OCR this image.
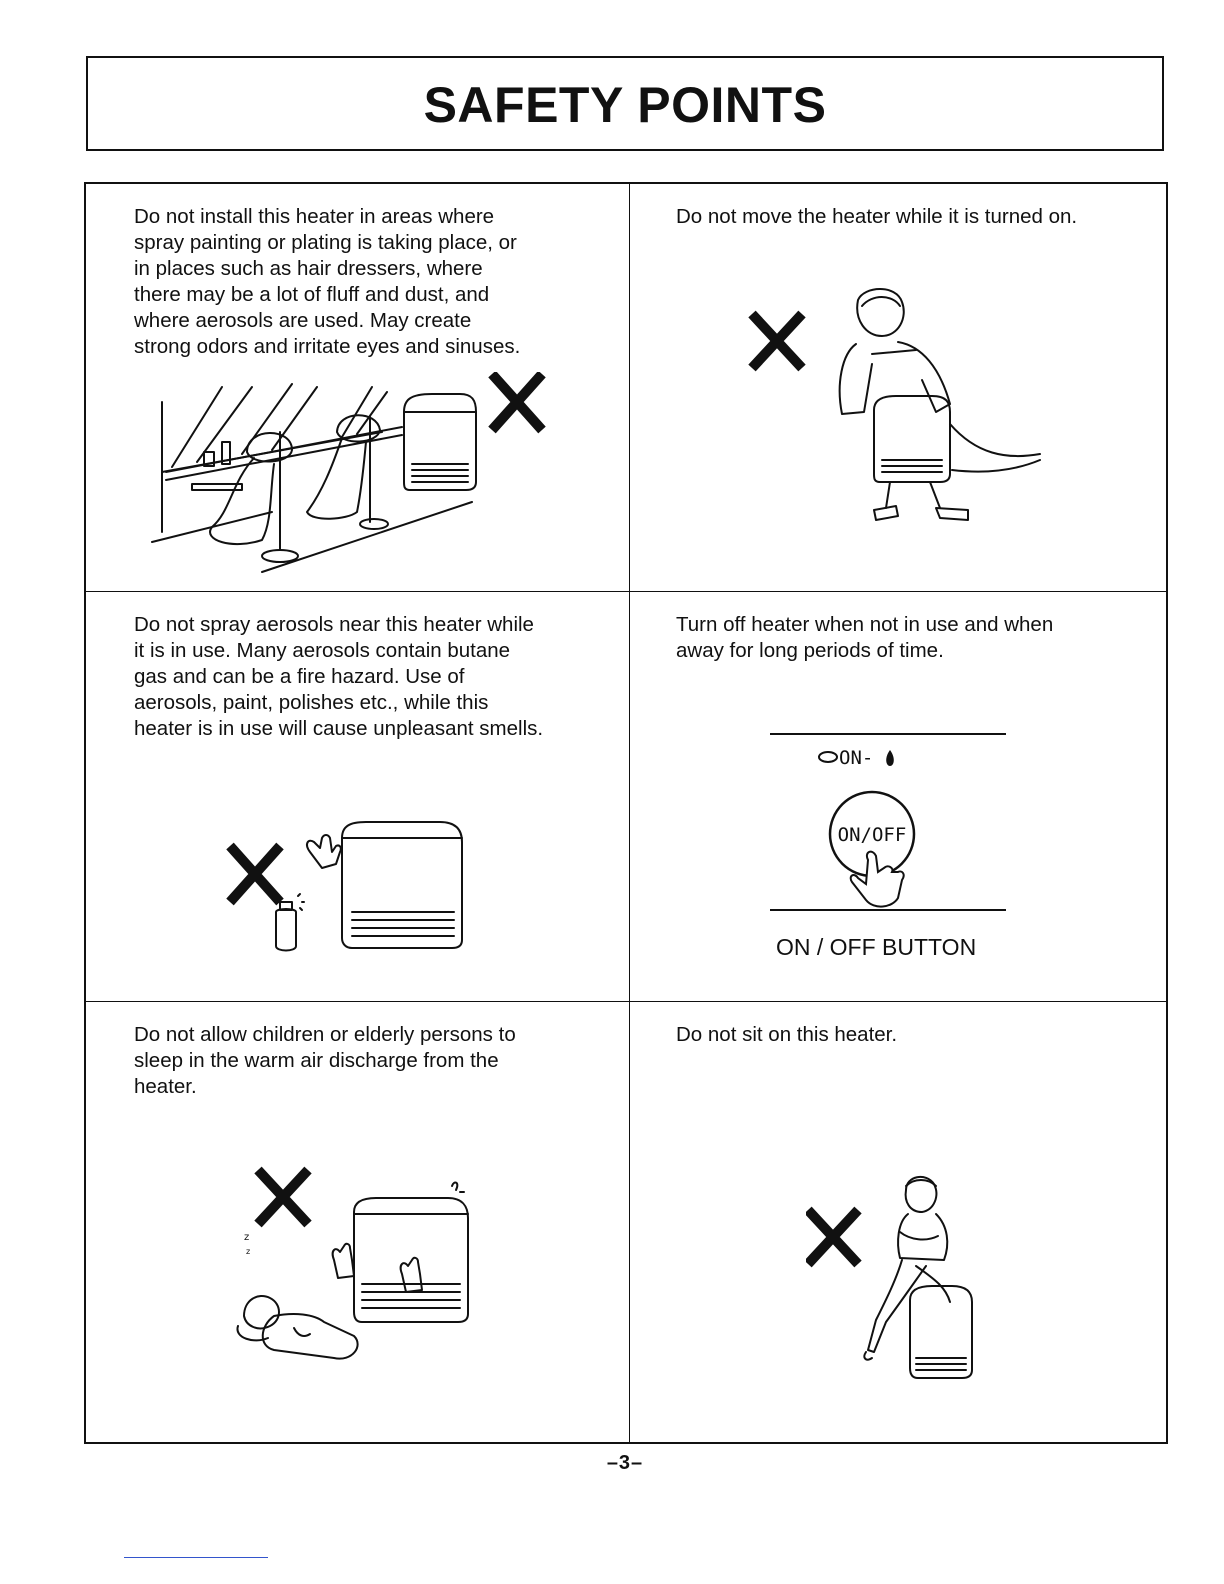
SAFETY POINTS
Do not install this heater in areas where
spray painting or plating is taking place, or
in places such as hair dressers, where
there may be a lot of fluff and dust, and
where aerosols are used. May create
strong odors and irritate eyes and sinuses.
Do not move the heater while it is turned on.
Do not spray aerosols near this heater while
it is in use. Many aerosols contain butane
gas and can be a fire hazard. Use of
aerosols, paint, polishes etc., while this
heater is in use will cause unpleasant smells.
Turn off heater when not in use and when
away for long periods of time.
ON-
ON/OFF
ON / OFF BUTTON
Do not allow children or elderly persons to
sleep in the warm air discharge from the
heater.
z
z
Do not sit on this heater.
–3–
